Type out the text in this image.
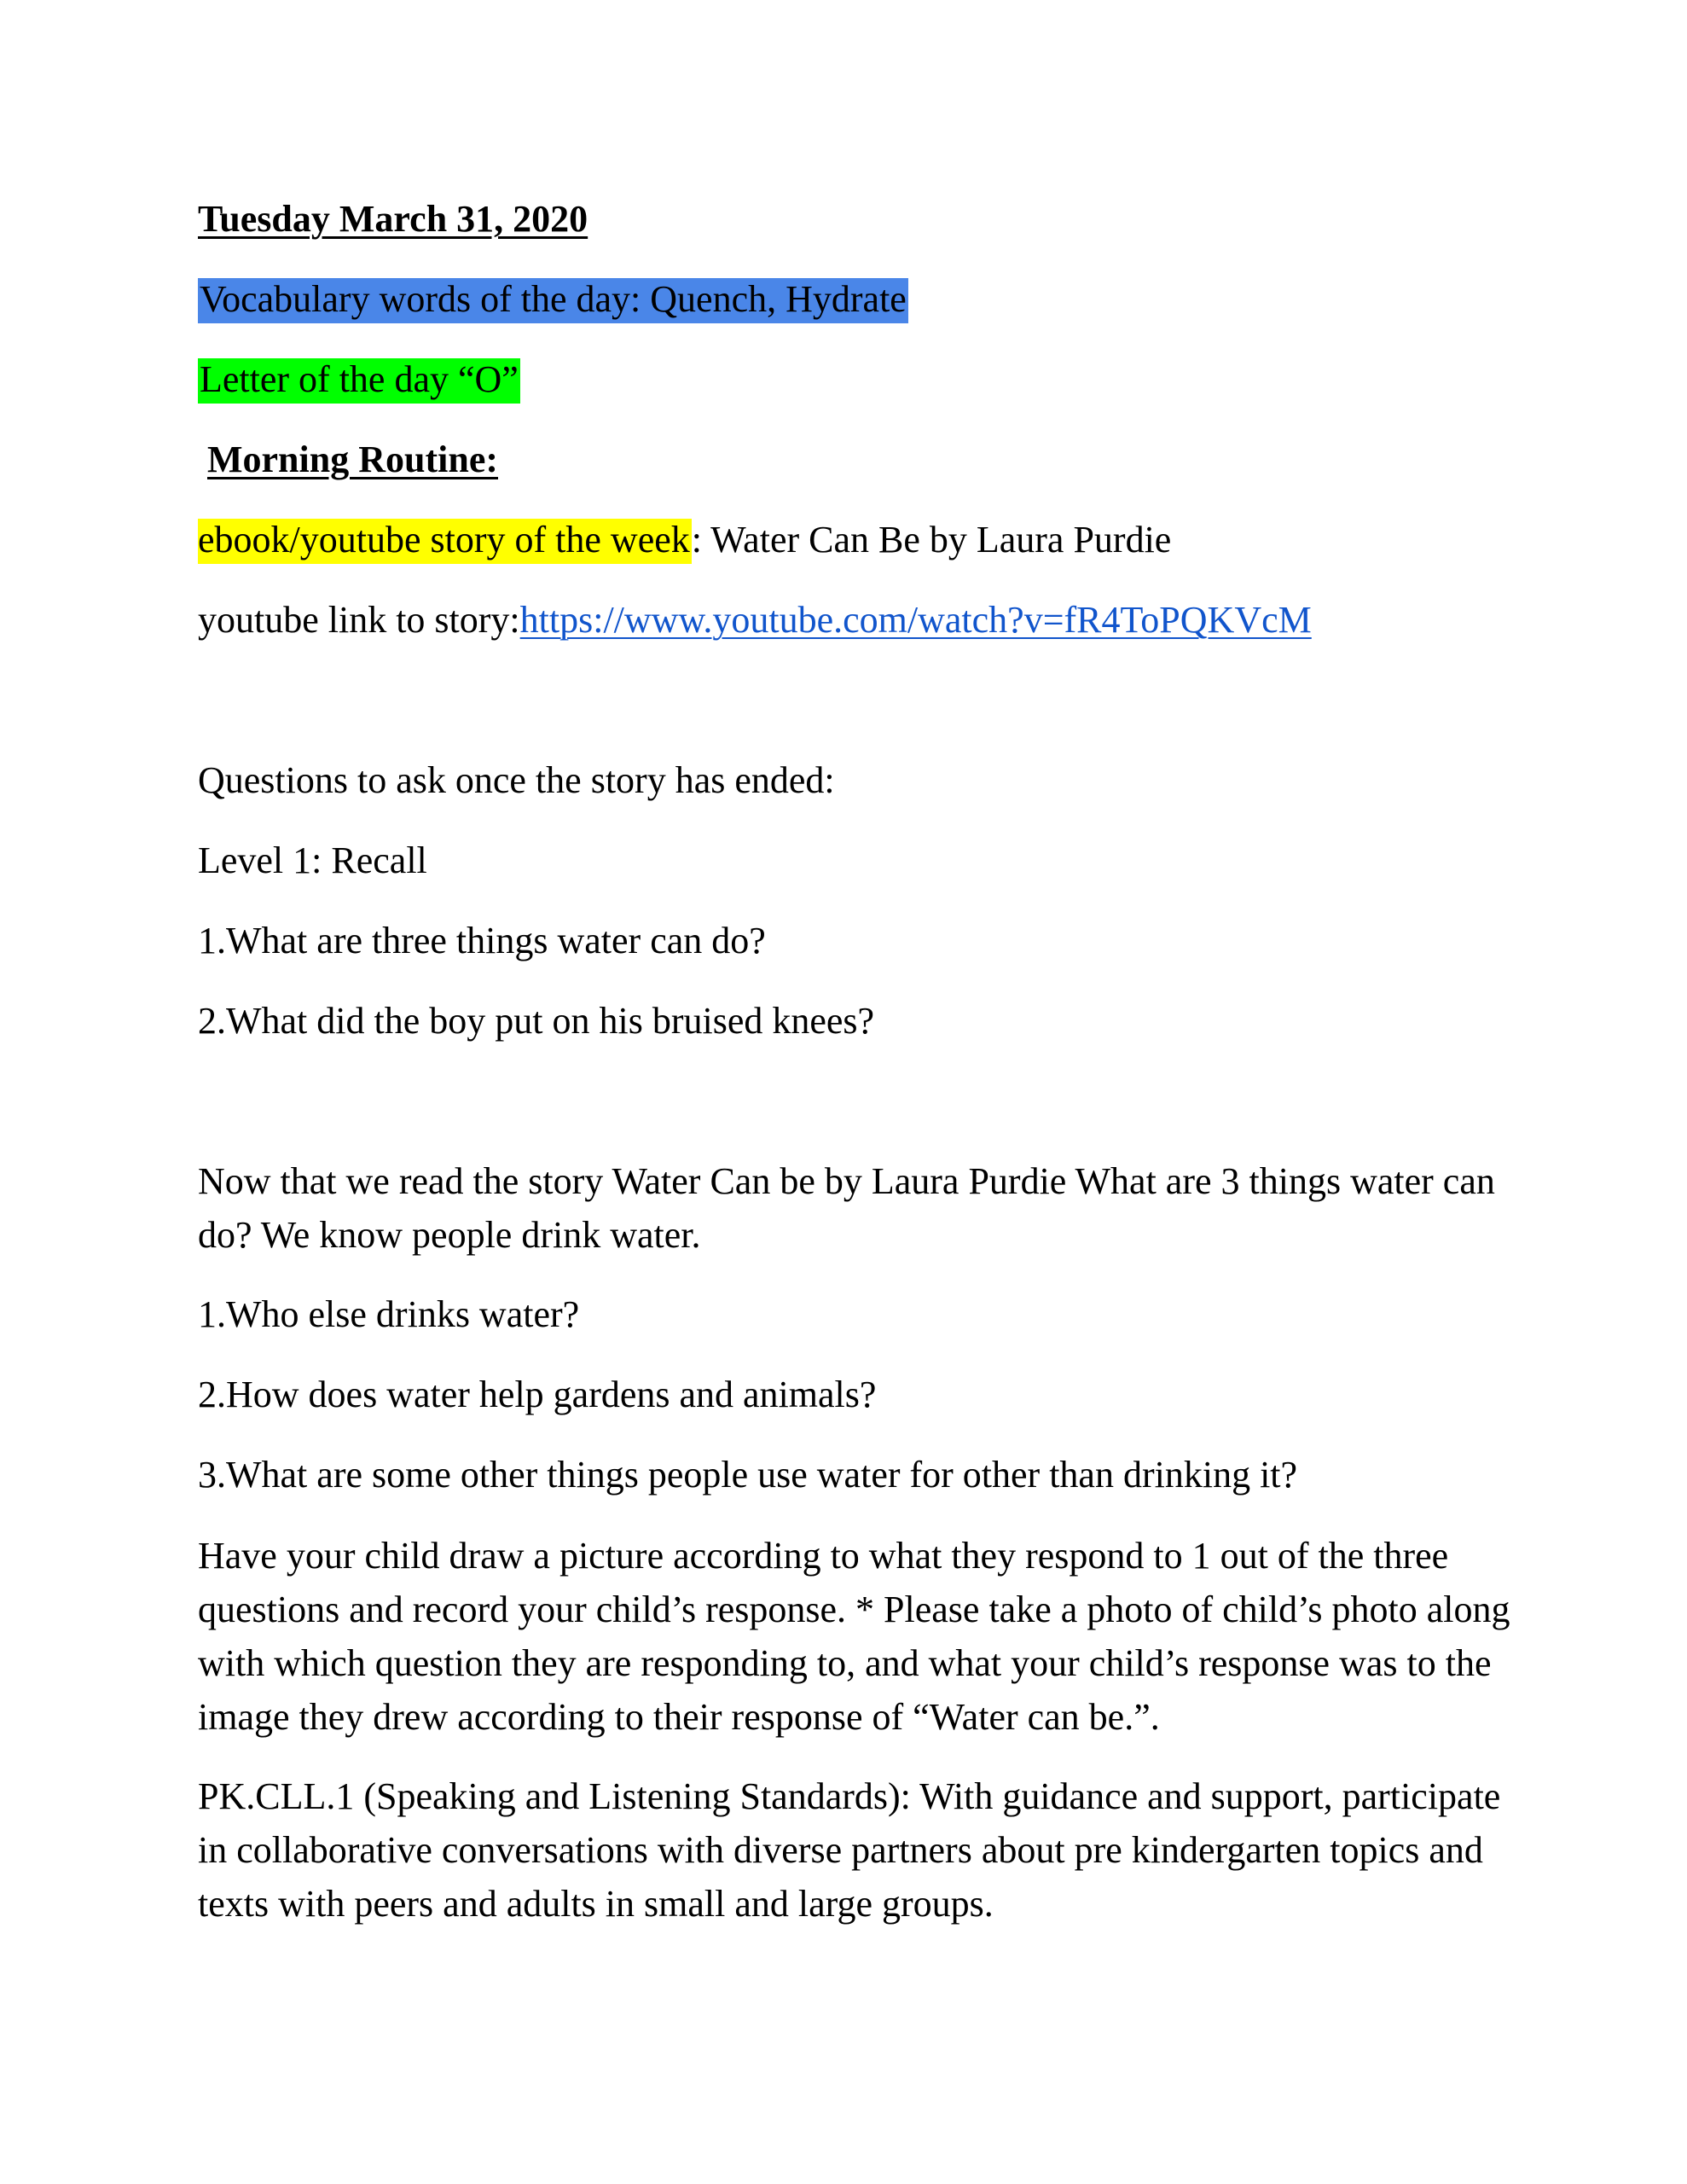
Tuesday March 31, 2020
Vocabulary words of the day: Quench, Hydrate
Letter of the day “O”
Morning Routine:
ebook/youtube story of the week: Water Can Be by Laura Purdie
youtube link to story:https://www.youtube.com/watch?v=fR4ToPQKVcM
Questions to ask once the story has ended:
Level 1: Recall
1.What are three things water can do?
2.What did the boy put on his bruised knees?
Now that we read the story Water Can be by Laura Purdie What are 3 things water can do? We know people drink water.
1.Who else drinks water?
2.How does water help gardens and animals?
3.What are some other things people use water for other than drinking it?
Have your child draw a picture according to what they respond to 1 out of the three questions and record your child’s response. * Please take a photo of child’s photo along with which question they are responding to, and what your child’s response was to the image they drew according to their response of “Water can be.”.
PK.CLL.1 (Speaking and Listening Standards): With guidance and support, participate in collaborative conversations with diverse partners about pre kindergarten topics and texts with peers and adults in small and large groups.
